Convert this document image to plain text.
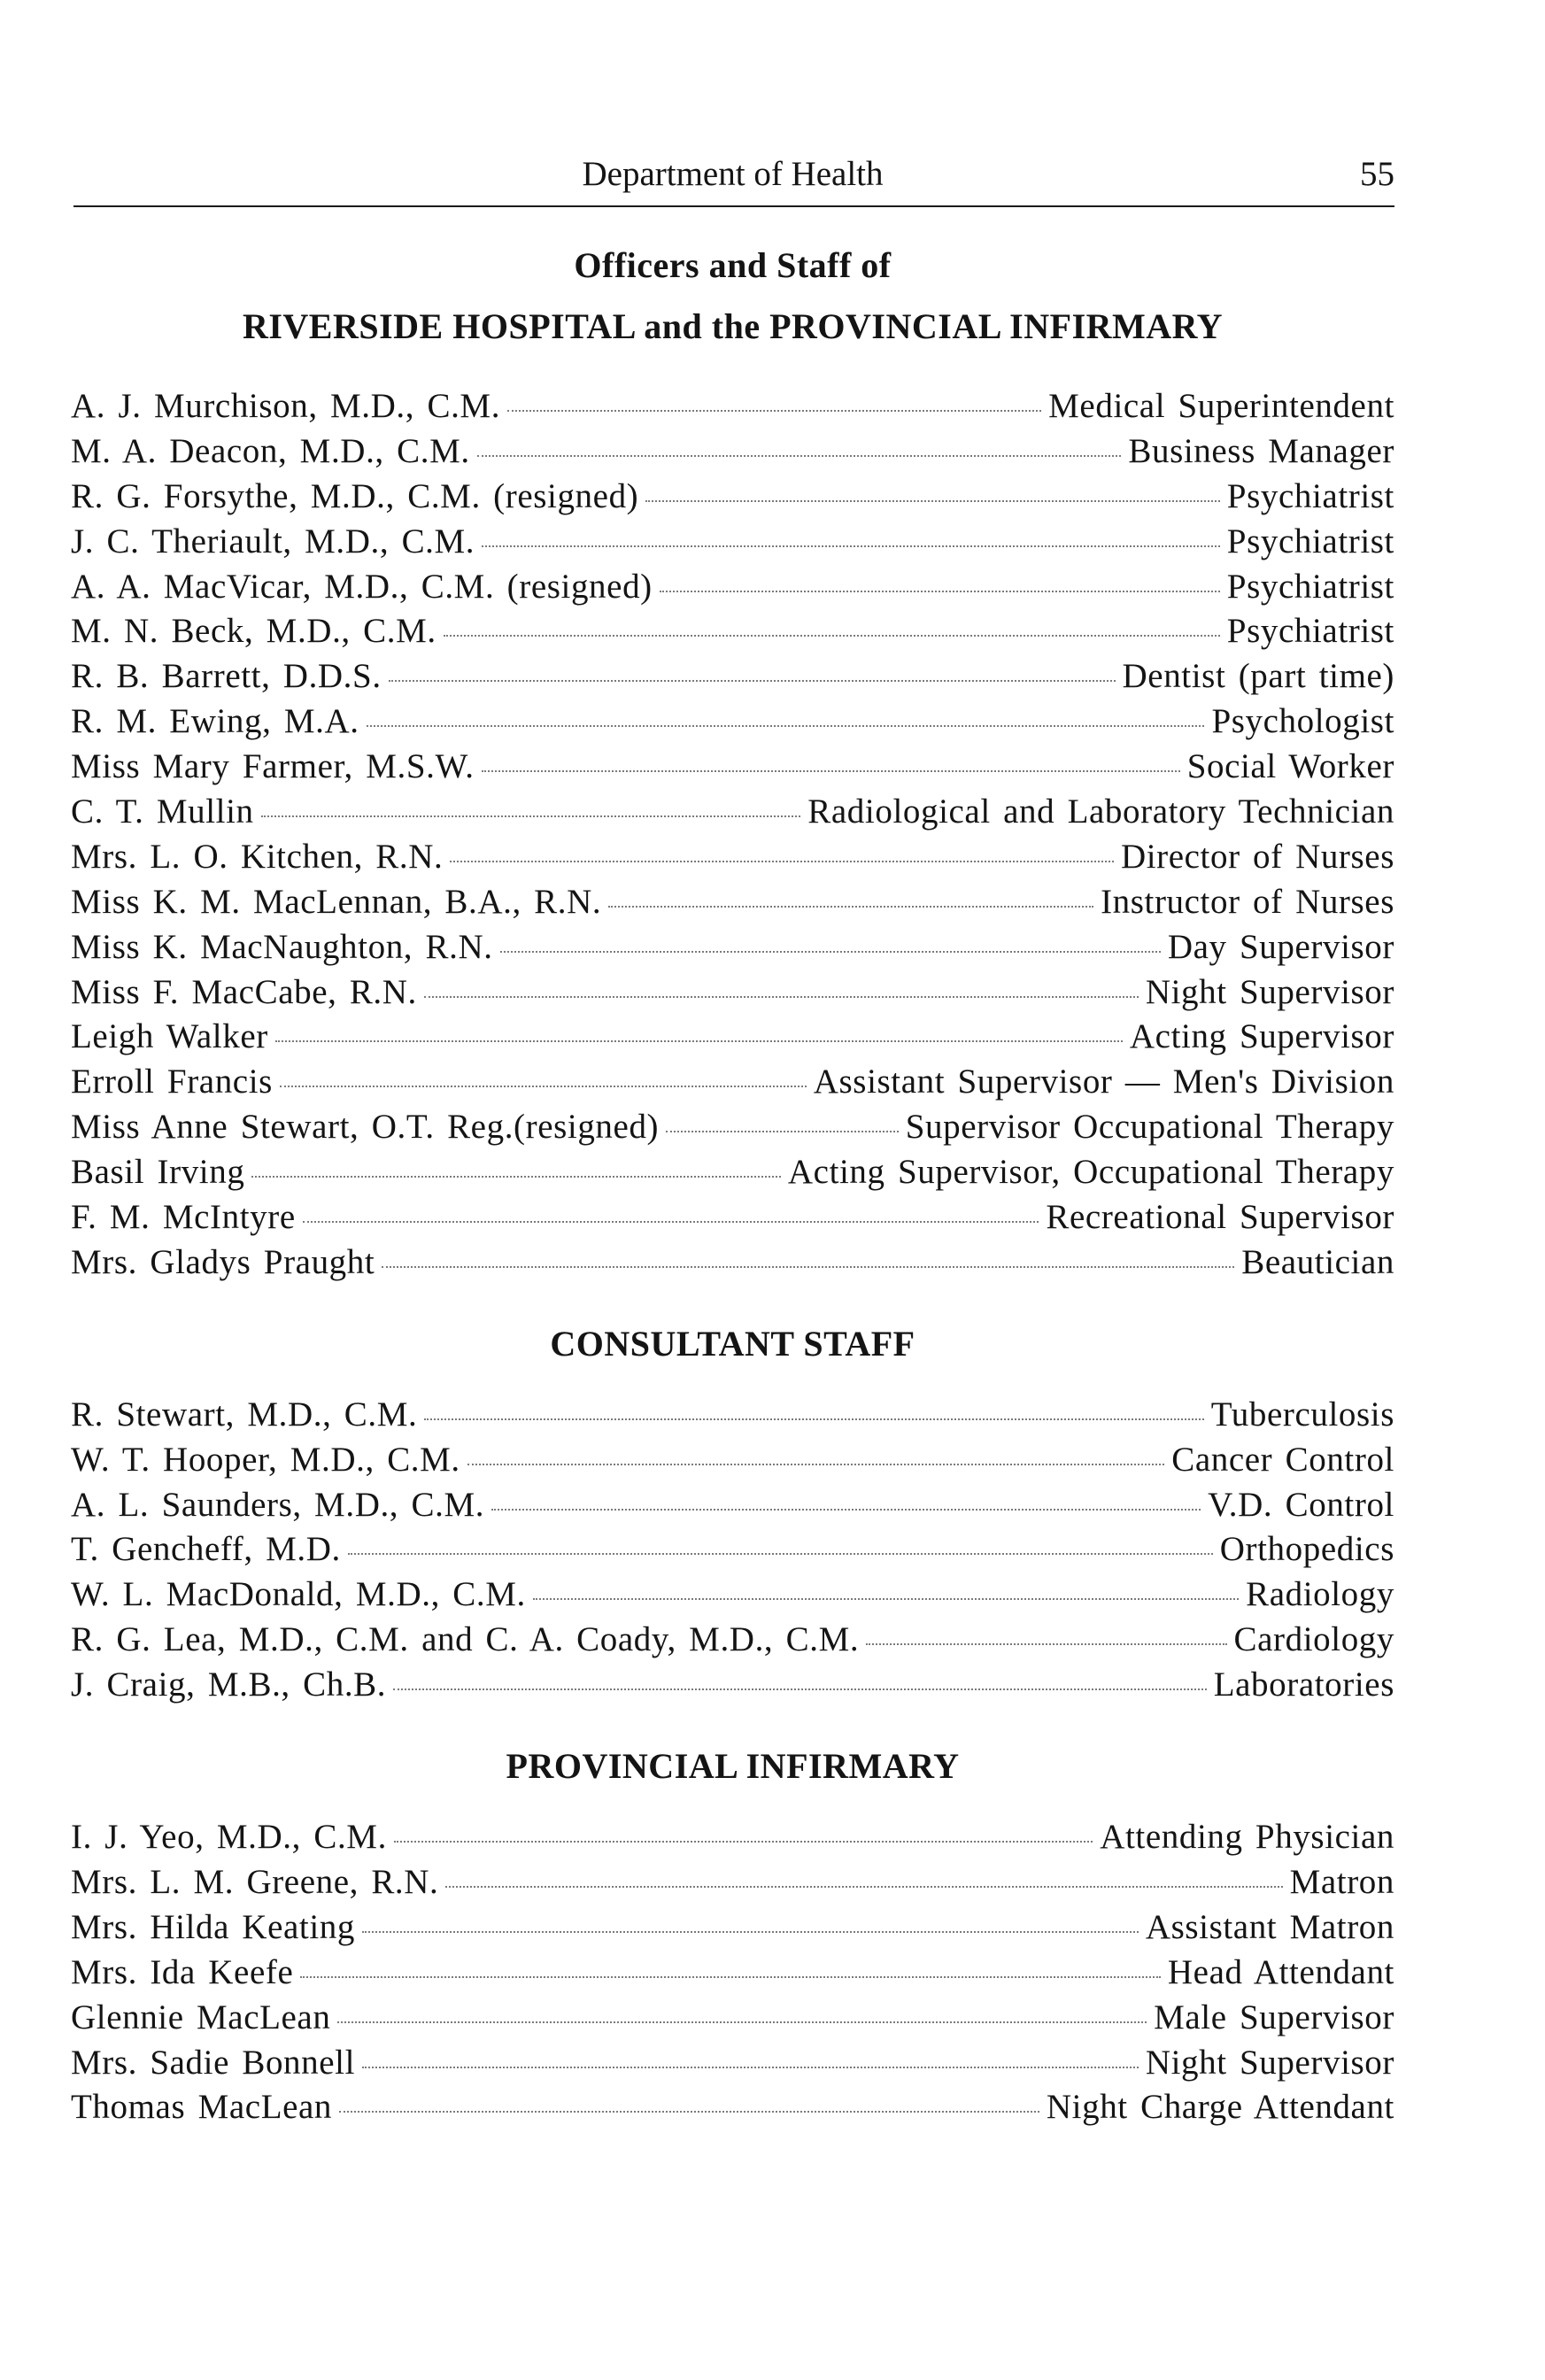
Department of Health	55
Officers and Staff of
RIVERSIDE HOSPITAL and the PROVINCIAL INFIRMARY
A. J. Murchison, M.D., C.M.	Medical Superintendent
M. A. Deacon, M.D., C.M.	Business Manager
R. G. Forsythe, M.D., C.M. (resigned)	Psychiatrist
J. C. Theriault, M.D., C.M.	Psychiatrist
A. A. MacVicar, M.D., C.M. (resigned)	Psychiatrist
M. N. Beck, M.D., C.M.	Psychiatrist
R. B. Barrett, D.D.S.	Dentist (part time)
R. M. Ewing, M.A.	Psychologist
Miss Mary Farmer, M.S.W.	Social Worker
C. T. Mullin	Radiological and Laboratory Technician
Mrs. L. O. Kitchen, R.N.	Director of Nurses
Miss K. M. MacLennan, B.A., R.N.	Instructor of Nurses
Miss K. MacNaughton, R.N.	Day Supervisor
Miss F. MacCabe, R.N.	Night Supervisor
Leigh Walker	Acting Supervisor
Erroll Francis	Assistant Supervisor — Men's Division
Miss Anne Stewart, O.T. Reg.(resigned)	Supervisor Occupational Therapy
Basil Irving	Acting Supervisor, Occupational Therapy
F. M. McIntyre	Recreational Supervisor
Mrs. Gladys Praught	Beautician
CONSULTANT STAFF
R. Stewart, M.D., C.M.	Tuberculosis
W. T. Hooper, M.D., C.M.	Cancer Control
A. L. Saunders, M.D., C.M.	V.D. Control
T. Gencheff, M.D.	Orthopedics
W. L. MacDonald, M.D., C.M.	Radiology
R. G. Lea, M.D., C.M. and C. A. Coady, M.D., C.M.	Cardiology
J. Craig, M.B., Ch.B.	Laboratories
PROVINCIAL INFIRMARY
I. J. Yeo, M.D., C.M.	Attending Physician
Mrs. L. M. Greene, R.N.	Matron
Mrs. Hilda Keating	Assistant Matron
Mrs. Ida Keefe	Head Attendant
Glennie MacLean	Male Supervisor
Mrs. Sadie Bonnell	Night Supervisor
Thomas MacLean	Night Charge Attendant
